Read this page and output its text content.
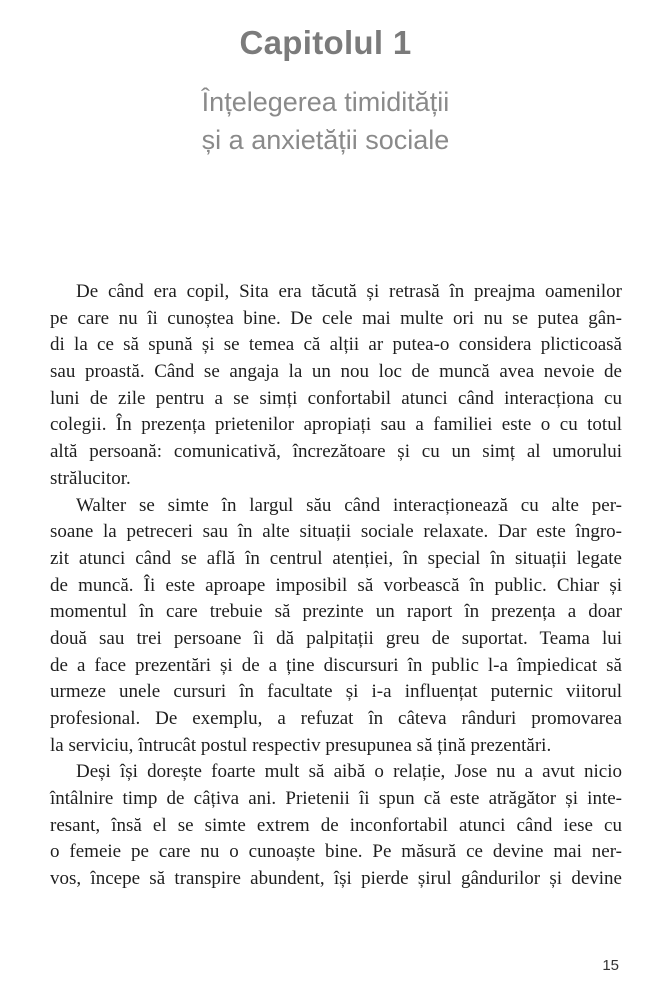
Capitolul 1
Înțelegerea timidității
și a anxietății sociale
De când era copil, Sita era tăcută și retrasă în preajma oamenilor
pe care nu îi cunoștea bine. De cele mai multe ori nu se putea gân-
di la ce să spună și se temea că alții ar putea-o considera plicticoasă
sau proastă. Când se angaja la un nou loc de muncă avea nevoie de
luni de zile pentru a se simți confortabil atunci când interacționa cu
colegii. În prezența prietenilor apropiați sau a familiei este o cu totul
altă persoană: comunicativă, încrezătoare și cu un simț al umorului
strălucitor.
Walter se simte în largul său când interacționează cu alte per-
soane la petreceri sau în alte situații sociale relaxate. Dar este îngro-
zit atunci când se află în centrul atenției, în special în situații legate
de muncă. Îi este aproape imposibil să vorbească în public. Chiar și
momentul în care trebuie să prezinte un raport în prezența a doar
două sau trei persoane îi dă palpitații greu de suportat. Teama lui
de a face prezentări și de a ține discursuri în public l-a împiedicat să
urmeze unele cursuri în facultate și i-a influențat puternic viitorul
profesional. De exemplu, a refuzat în câteva rânduri promovarea
la serviciu, întrucât postul respectiv presupunea să țină prezentări.
Deși își dorește foarte mult să aibă o relație, Jose nu a avut nicio
întâlnire timp de câțiva ani. Prietenii îi spun că este atrăgător și inte-
resant, însă el se simte extrem de inconfortabil atunci când iese cu
o femeie pe care nu o cunoaște bine. Pe măsură ce devine mai ner-
vos, începe să transpire abundent, își pierde șirul gândurilor și devine
15
